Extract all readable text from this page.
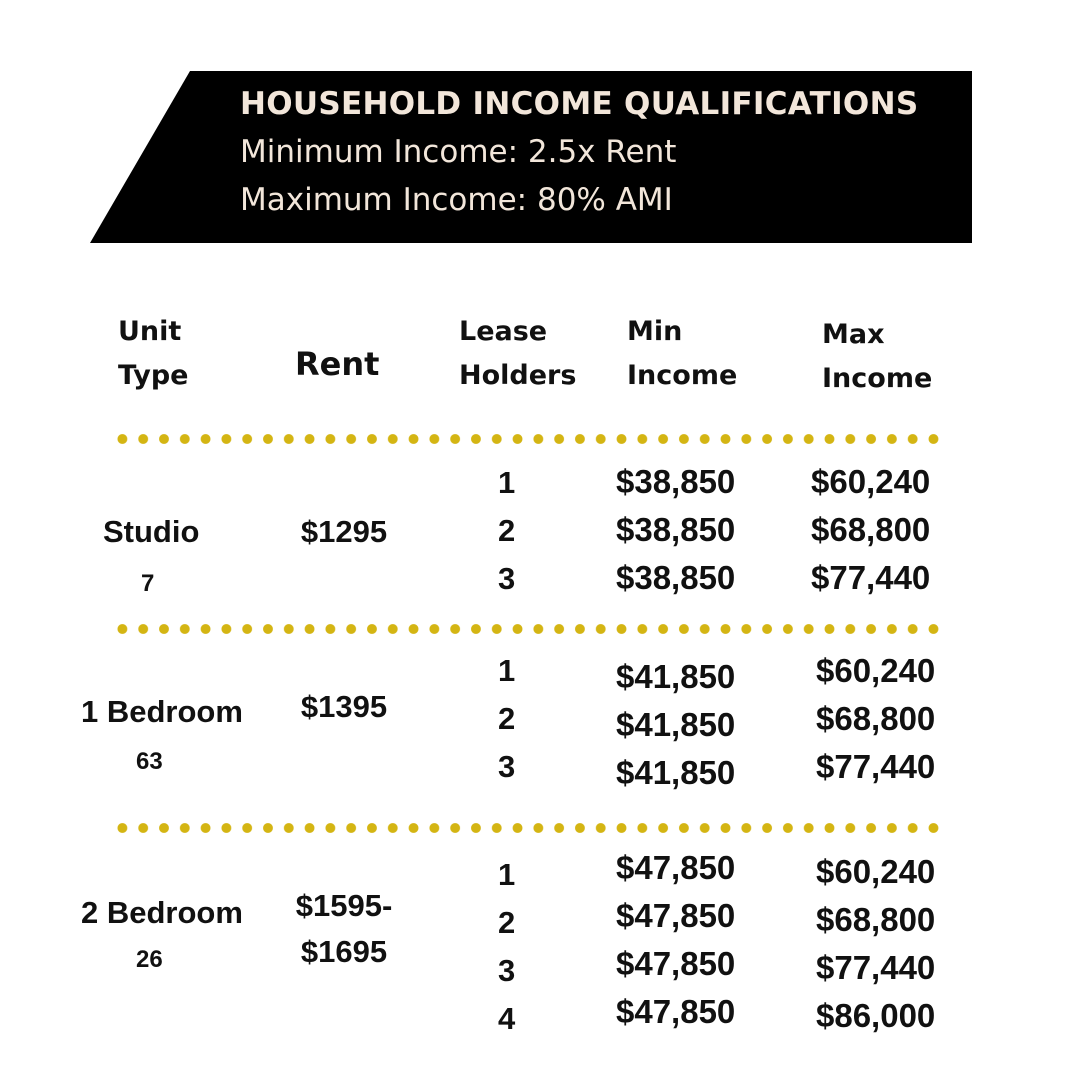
HOUSEHOLD INCOME QUALIFICATIONS
Minimum Income: 2.5x Rent
Maximum Income: 80% AMI
Unit
Type	Rent
Lease
Holders
Min
Income
Max
Income
Studio
7
$1295
1
2
3
$38,850
$38,850
$38,850
$60,240
$68,800
$77,440
1 Bedroom
63
$1395
1
2
3
$41,850
$41,850
$41,850
$60,240
$68,800
$77,440
2 Bedroom
26
$1595-
$1695
1
2
3
4
$47,850
$47,850
$47,850
$47,850
$60,240
$68,800
$77,440
$86,000
